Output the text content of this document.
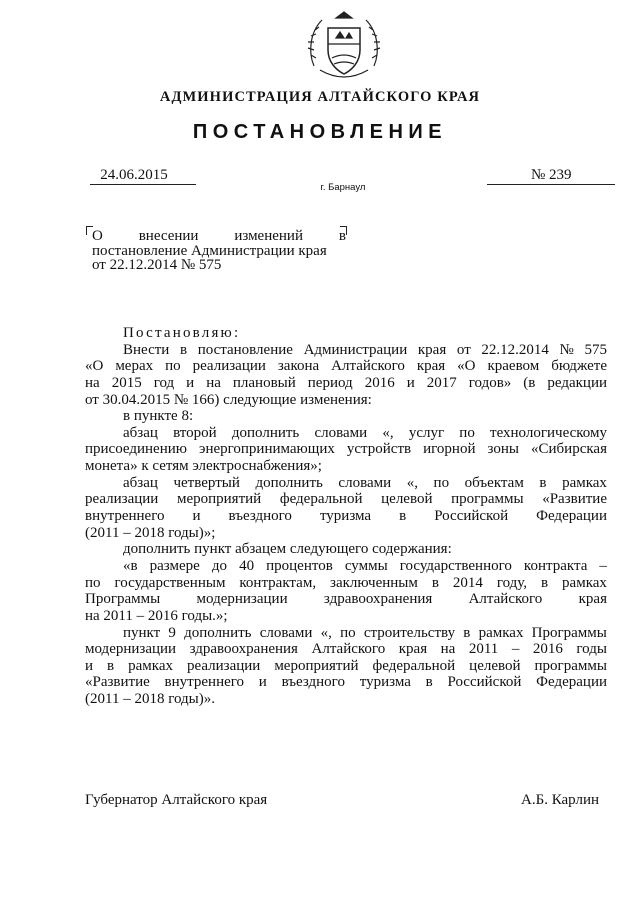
АДМИНИСТРАЦИЯ АЛТАЙСКОГО КРАЯ
ПОСТАНОВЛЕНИЕ
24.06.2015	№ 239
г. Барнаул
О внесении изменений в
постановление Администрации края
от 22.12.2014 № 575
Постановляю:
Внести в постановление Администрации края от 22.12.2014 № 575
«О мерах по реализации закона Алтайского края «О краевом бюджете
на 2015 год и на плановый период 2016 и 2017 годов» (в редакции
от 30.04.2015 № 166) следующие изменения:
в пункте 8:
абзац второй дополнить словами «, услуг по технологическому
присоединению энергопринимающих устройств игорной зоны «Сибирская
монета» к сетям электроснабжения»;
абзац четвертый дополнить словами «, по объектам в рамках
реализации мероприятий федеральной целевой программы «Развитие
внутреннего и въездного туризма в Российской Федерации
(2011 – 2018 годы)»;
дополнить пункт абзацем следующего содержания:
«в размере до 40 процентов суммы государственного контракта –
по государственным контрактам, заключенным в 2014 году, в рамках
Программы модернизации здравоохранения Алтайского края
на 2011 – 2016 годы.»;
пункт 9 дополнить словами «, по строительству в рамках Программы
модернизации здравоохранения Алтайского края на 2011 – 2016 годы
и в рамках реализации мероприятий федеральной целевой программы
«Развитие внутреннего и въездного туризма в Российской Федерации
(2011 – 2018 годы)».
Губернатор Алтайского края	А.Б. Карлин
